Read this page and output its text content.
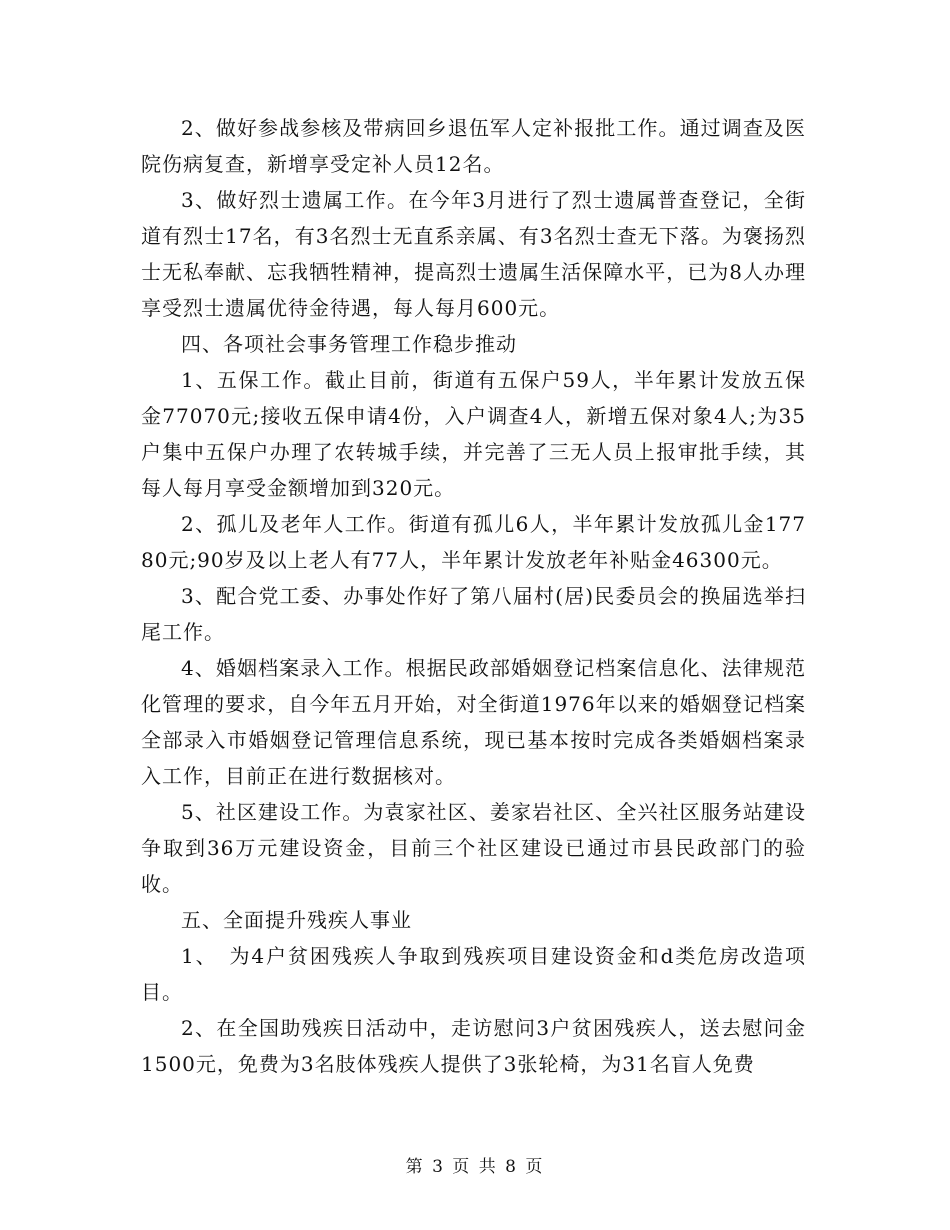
2、做好参战参核及带病回乡退伍军人定补报批工作。通过调查及医院伤病复查，新增享受定补人员12名。

3、做好烈士遗属工作。在今年3月进行了烈士遗属普查登记，全街道有烈士17名，有3名烈士无直系亲属、有3名烈士查无下落。为褒扬烈士无私奉献、忘我牺牲精神，提高烈士遗属生活保障水平，已为8人办理享受烈士遗属优待金待遇，每人每月600元。

四、各项社会事务管理工作稳步推动

1、五保工作。截止目前，街道有五保户59人，半年累计发放五保金77070元;接收五保申请4份，入户调查4人，新增五保对象4人;为35户集中五保户办理了农转城手续，并完善了三无人员上报审批手续，其每人每月享受金额增加到320元。

2、孤儿及老年人工作。街道有孤儿6人，半年累计发放孤儿金17780元;90岁及以上老人有77人，半年累计发放老年补贴金46300元。

3、配合党工委、办事处作好了第八届村(居)民委员会的换届选举扫尾工作。

4、婚姻档案录入工作。根据民政部婚姻登记档案信息化、法律规范化管理的要求，自今年五月开始，对全街道1976年以来的婚姻登记档案全部录入市婚姻登记管理信息系统，现已基本按时完成各类婚姻档案录入工作，目前正在进行数据核对。

5、社区建设工作。为袁家社区、姜家岩社区、全兴社区服务站建设争取到36万元建设资金，目前三个社区建设已通过市县民政部门的验收。

五、全面提升残疾人事业

1、　为4户贫困残疾人争取到残疾项目建设资金和d类危房改造项目。

2、在全国助残疾日活动中，走访慰问3户贫困残疾人，送去慰问金1500元，免费为3名肢体残疾人提供了3张轮椅，为31名盲人免费

第 3 页 共 8 页
